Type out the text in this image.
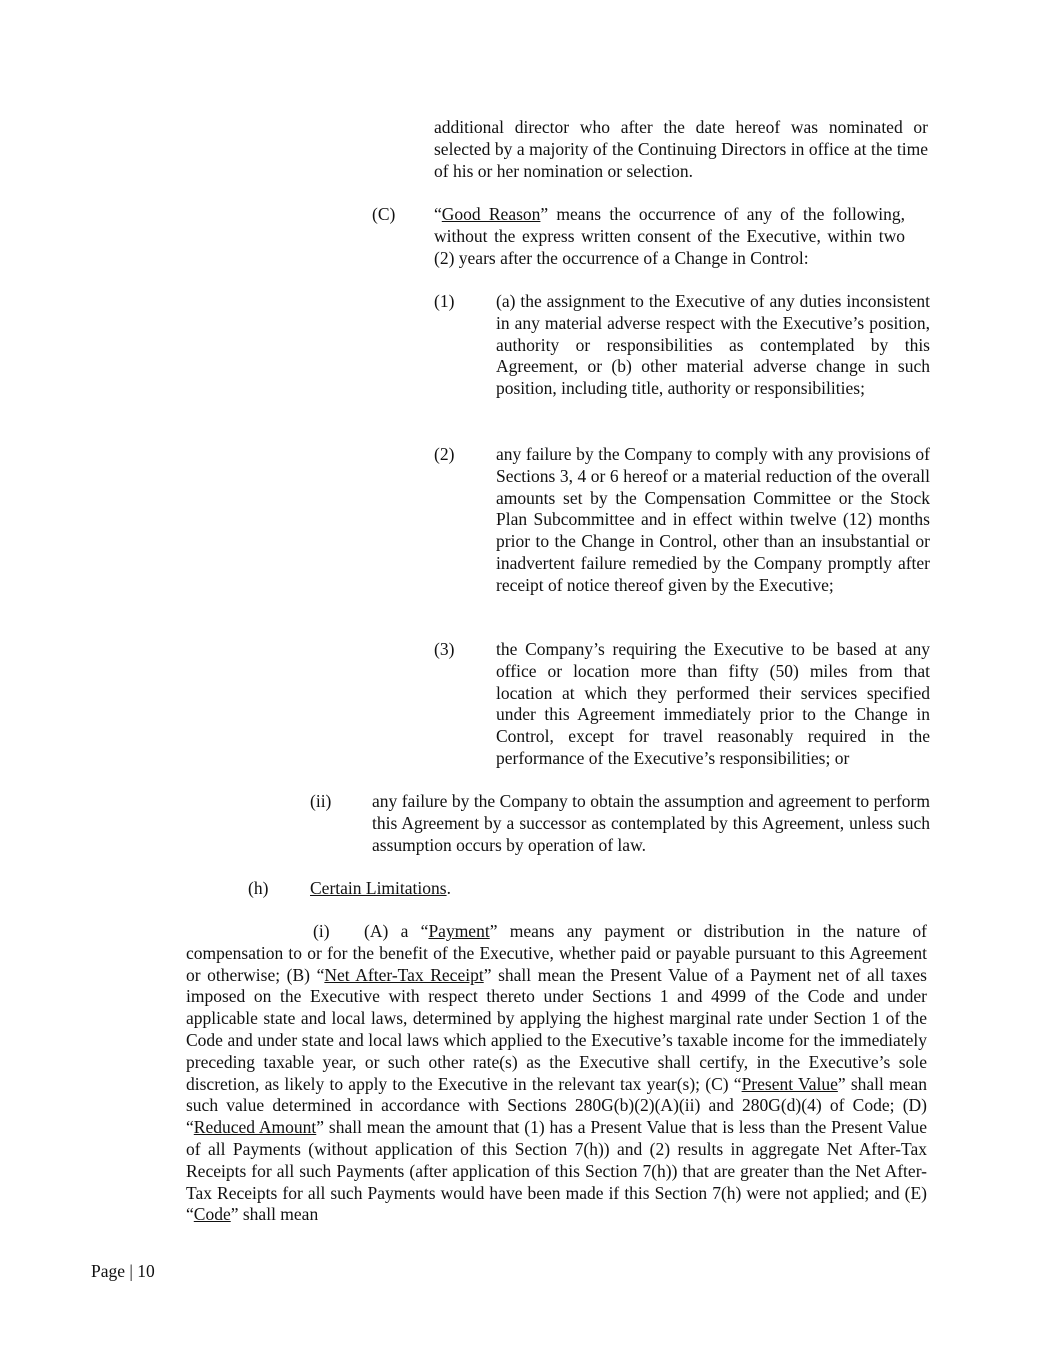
additional director who after the date hereof was nominated or selected by a majority of the Continuing Directors in office at the time of his or her nomination or selection.
(C) “Good Reason” means the occurrence of any of the following, without the express written consent of the Executive, within two (2) years after the occurrence of a Change in Control:
(1) (a) the assignment to the Executive of any duties inconsistent in any material adverse respect with the Executive’s position, authority or responsibilities as contemplated by this Agreement, or (b) other material adverse change in such position, including title, authority or responsibilities;
(2) any failure by the Company to comply with any provisions of Sections 3, 4 or 6 hereof or a material reduction of the overall amounts set by the Compensation Committee or the Stock Plan Subcommittee and in effect within twelve (12) months prior to the Change in Control, other than an insubstantial or inadvertent failure remedied by the Company promptly after receipt of notice thereof given by the Executive;
(3) the Company’s requiring the Executive to be based at any office or location more than fifty (50) miles from that location at which they performed their services specified under this Agreement immediately prior to the Change in Control, except for travel reasonably required in the performance of the Executive’s responsibilities; or
(ii) any failure by the Company to obtain the assumption and agreement to perform this Agreement by a successor as contemplated by this Agreement, unless such assumption occurs by operation of law.
(h) Certain Limitations.
(i) (A) a “Payment” means any payment or distribution in the nature of compensation to or for the benefit of the Executive, whether paid or payable pursuant to this Agreement or otherwise; (B) “Net After-Tax Receipt” shall mean the Present Value of a Payment net of all taxes imposed on the Executive with respect thereto under Sections 1 and 4999 of the Code and under applicable state and local laws, determined by applying the highest marginal rate under Section 1 of the Code and under state and local laws which applied to the Executive’s taxable income for the immediately preceding taxable year, or such other rate(s) as the Executive shall certify, in the Executive’s sole discretion, as likely to apply to the Executive in the relevant tax year(s); (C) “Present Value” shall mean such value determined in accordance with Sections 280G(b)(2)(A)(ii) and 280G(d)(4) of Code; (D) “Reduced Amount” shall mean the amount that (1) has a Present Value that is less than the Present Value of all Payments (without application of this Section 7(h)) and (2) results in aggregate Net After-Tax Receipts for all such Payments (after application of this Section 7(h)) that are greater than the Net After-Tax Receipts for all such Payments would have been made if this Section 7(h) were not applied; and (E) “Code” shall mean
Page | 10
